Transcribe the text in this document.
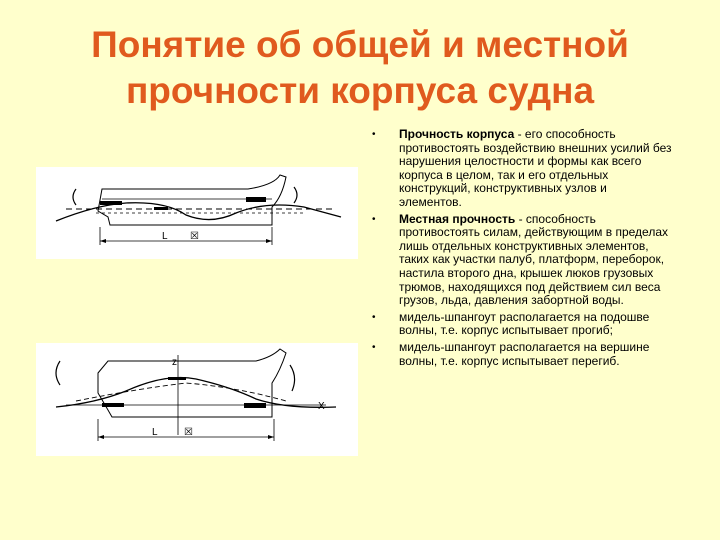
Понятие об общей и местной
прочности корпуса судна
L ☒
z
X
L	☒
• Прочность корпуса - его способность противостоять воздействию внешних усилий без нарушения целостности и формы как всего корпуса в целом, так и его отдельных конструкций, конструктивных узлов и элементов.
• Местная прочность - способность противостоять силам, действующим в пределах лишь отдельных конструктивных элементов, таких как участки палуб, платформ, переборок, настила второго дна, крышек люков грузовых трюмов, находящихся под действием сил веса грузов, льда, давления забортной воды.
• мидель-шпангоут располагается на подошве волны, т.е. корпус испытывает прогиб;
• мидель-шпангоут располагается на вершине волны, т.е. корпус испытывает перегиб.
